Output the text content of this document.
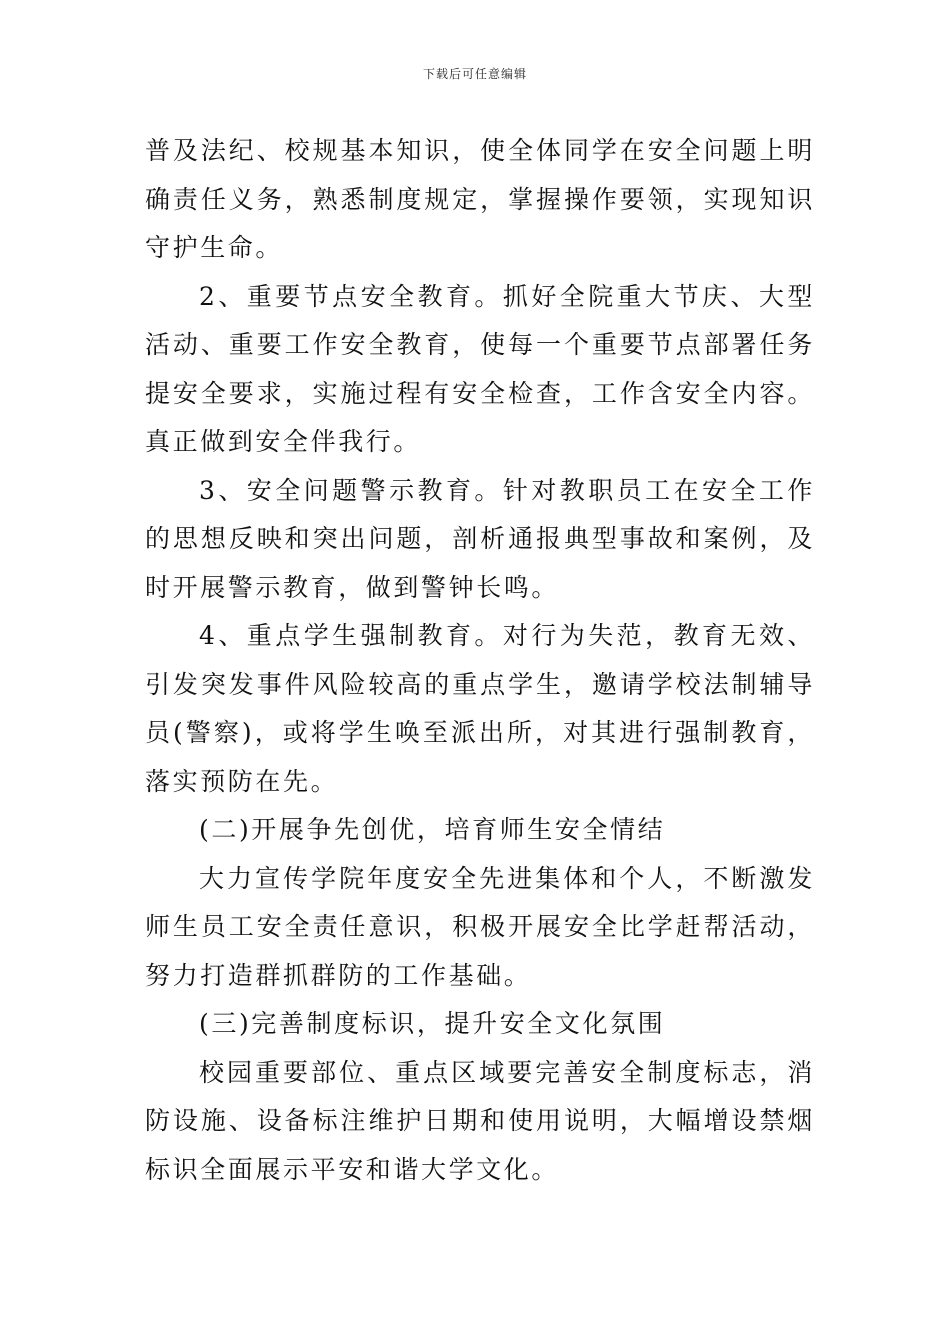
下载后可任意编辑

普及法纪、校规基本知识，使全体同学在安全问题上明确责任义务，熟悉制度规定，掌握操作要领，实现知识守护生命。

2、重要节点安全教育。抓好全院重大节庆、大型活动、重要工作安全教育，使每一个重要节点部署任务提安全要求，实施过程有安全检查，工作含安全内容。真正做到安全伴我行。

3、安全问题警示教育。针对教职员工在安全工作的思想反映和突出问题，剖析通报典型事故和案例，及时开展警示教育，做到警钟长鸣。

4、重点学生强制教育。对行为失范，教育无效、引发突发事件风险较高的重点学生，邀请学校法制辅导员(警察)，或将学生唤至派出所，对其进行强制教育，落实预防在先。

(二)开展争先创优，培育师生安全情结

大力宣传学院年度安全先进集体和个人，不断激发师生员工安全责任意识，积极开展安全比学赶帮活动，努力打造群抓群防的工作基础。

(三)完善制度标识，提升安全文化氛围

校园重要部位、重点区域要完善安全制度标志，消防设施、设备标注维护日期和使用说明，大幅增设禁烟标识全面展示平安和谐大学文化。
